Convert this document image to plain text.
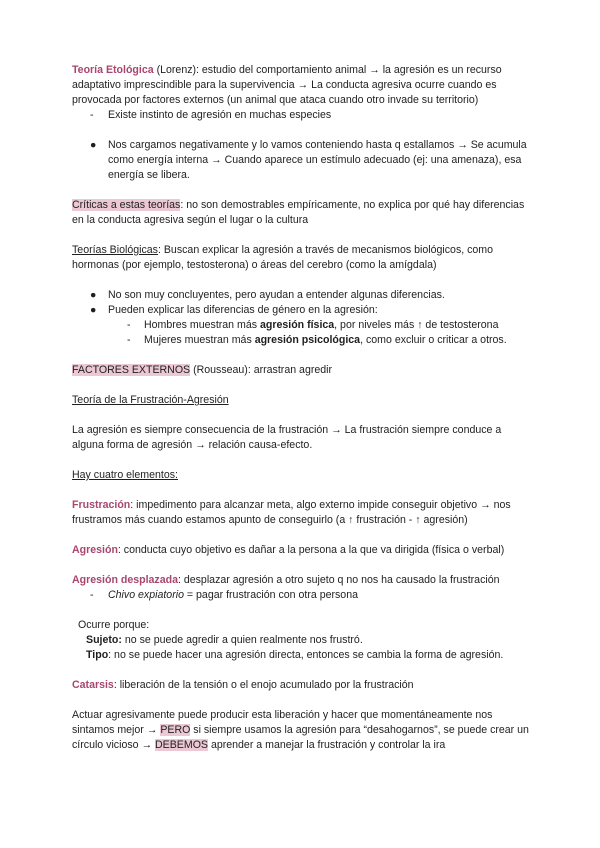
Teoría Etológica (Lorenz): estudio del comportamiento animal → la agresión es un recurso adaptativo imprescindible para la supervivencia → La conducta agresiva ocurre cuando es provocada por factores externos (un animal que ataca cuando otro invade su territorio)

- Existe instinto de agresión en muchas especies
● Nos cargamos negativamente y lo vamos conteniendo hasta q estallamos → Se acumula como energía interna → Cuando aparece un estímulo adecuado (ej: una amenaza), esa energía se libera.

Críticas a estas teorías: no son demostrables empíricamente, no explica por qué hay diferencias en la conducta agresiva según el lugar o la cultura

Teorías Biológicas: Buscan explicar la agresión a través de mecanismos biológicos, como hormonas (por ejemplo, testosterona) o áreas del cerebro (como la amígdala)

● No son muy concluyentes, pero ayudan a entender algunas diferencias.
● Pueden explicar las diferencias de género en la agresión:
- Hombres muestran más agresión física, por niveles más ↑ de testosterona
- Mujeres muestran más agresión psicológica, como excluir o criticar a otros.

FACTORES EXTERNOS (Rousseau): arrastran agredir

Teoría de la Frustración-Agresión

La agresión es siempre consecuencia de la frustración → La frustración siempre conduce a alguna forma de agresión → relación causa-efecto.

Hay cuatro elementos:

Frustración: impedimento para alcanzar meta, algo externo impide conseguir objetivo → nos frustramos más cuando estamos apunto de conseguirlo (a ↑ frustración - ↑ agresión)

Agresión: conducta cuyo objetivo es dañar a la persona a la que va dirigida (física o verbal)

Agresión desplazada: desplazar agresión a otro sujeto q no nos ha causado la frustración

- Chivo expiatorio = pagar frustración con otra persona

Ocurre porque:

Sujeto: no se puede agredir a quien realmente nos frustró.

Tipo: no se puede hacer una agresión directa, entonces se cambia la forma de agresión.

Catarsis: liberación de la tensión o el enojo acumulado por la frustración

Actuar agresivamente puede producir esta liberación y hacer que momentáneamente nos sintamos mejor → PERO si siempre usamos la agresión para “desahogarnos”, se puede crear un círculo vicioso → DEBEMOS aprender a manejar la frustración y controlar la ira
